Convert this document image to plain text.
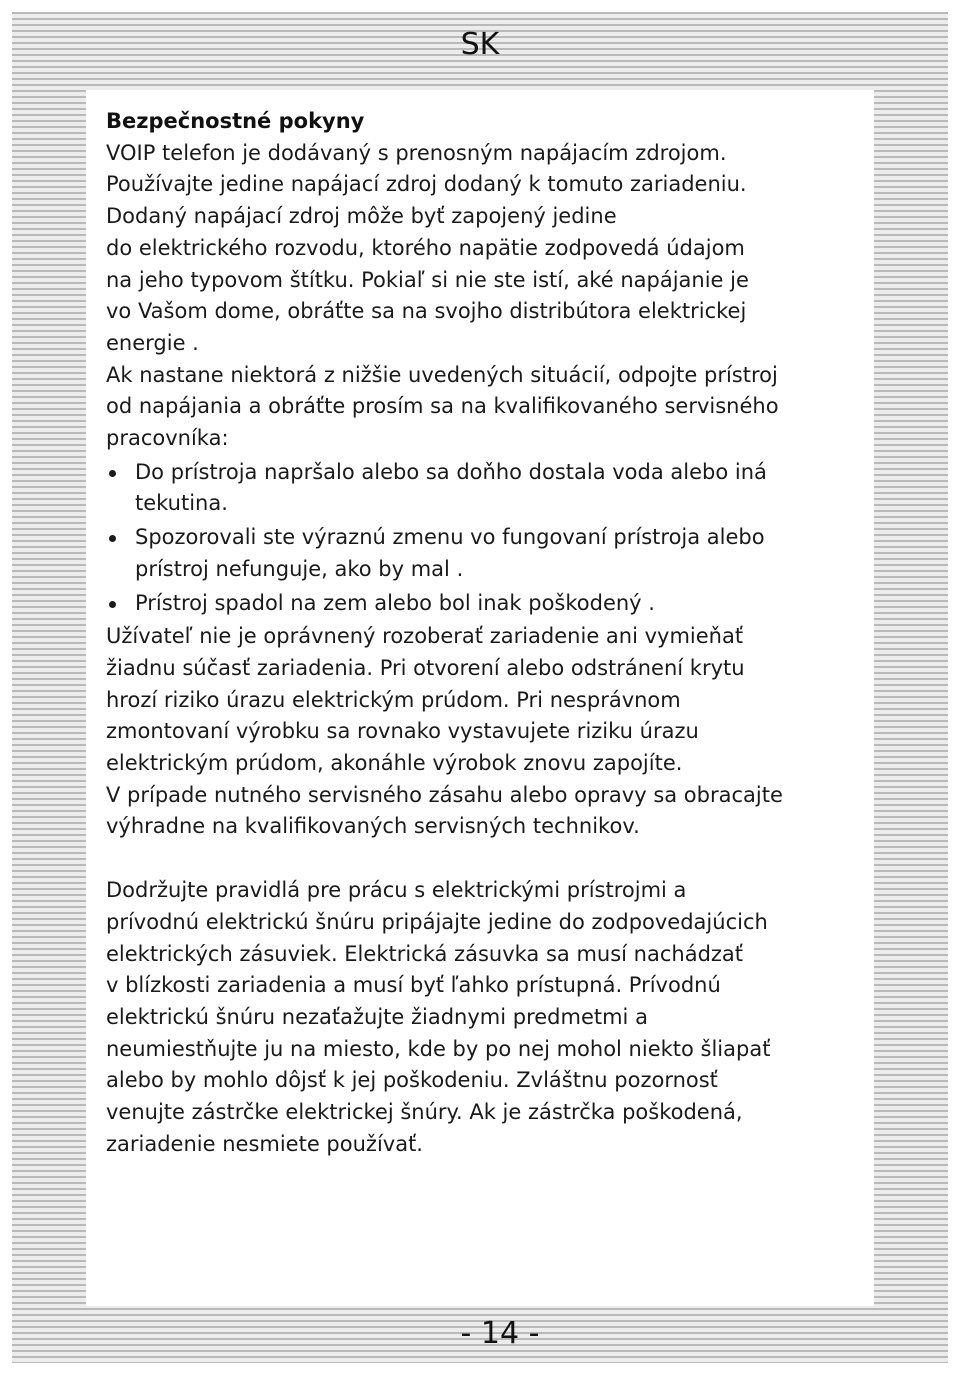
SK

Bezpečnostné pokyny

VOIP telefon je dodávaný s prenosným napájacím zdrojom.
Používajte jedine napájací zdroj dodaný k tomuto zariadeniu.
Dodaný napájací zdroj môže byť zapojený jedine
do elektrického rozvodu, ktorého napätie zodpovedá údajom
na jeho typovom štítku. Pokiaľ si nie ste istí, aké napájanie je
vo Vašom dome, obráťte sa na svojho distribútora elektrickej
energie .
Ak nastane niektorá z nižšie uvedených situácií, odpojte prístroj
od napájania a obráťte prosím sa na kvalifikovaného servisného
pracovníka:

Do prístroja napršalo alebo sa doňho dostala voda alebo iná
tekutina.
Spozorovali ste výraznú zmenu vo fungovaní prístroja alebo
prístroj nefunguje, ako by mal .
Prístroj spadol na zem alebo bol inak poškodený .

Užívateľ nie je oprávnený rozoberať zariadenie ani vymieňať
žiadnu súčasť zariadenia. Pri otvorení alebo odstránení krytu
hrozí riziko úrazu elektrickým prúdom. Pri nesprávnom
zmontovaní výrobku sa rovnako vystavujete riziku úrazu
elektrickým prúdom, akonáhle výrobok znovu zapojíte.
V prípade nutného servisného zásahu alebo opravy sa obracajte
výhradne na kvalifikovaných servisných technikov.

Dodržujte pravidlá pre prácu s elektrickými prístrojmi a
prívodnú elektrickú šnúru pripájajte jedine do zodpovedajúcich
elektrických zásuviek. Elektrická zásuvka sa musí nachádzať
v blízkosti zariadenia a musí byť ľahko prístupná. Prívodnú
elektrickú šnúru nezaťažujte žiadnymi predmetmi a
neumiestňujte ju na miesto, kde by po nej mohol niekto šliapať
alebo by mohlo dôjsť k jej poškodeniu. Zvláštnu pozornosť
venujte zástrčke elektrickej šnúry. Ak je zástrčka poškodená,
zariadenie nesmiete používať.

- 14 -
